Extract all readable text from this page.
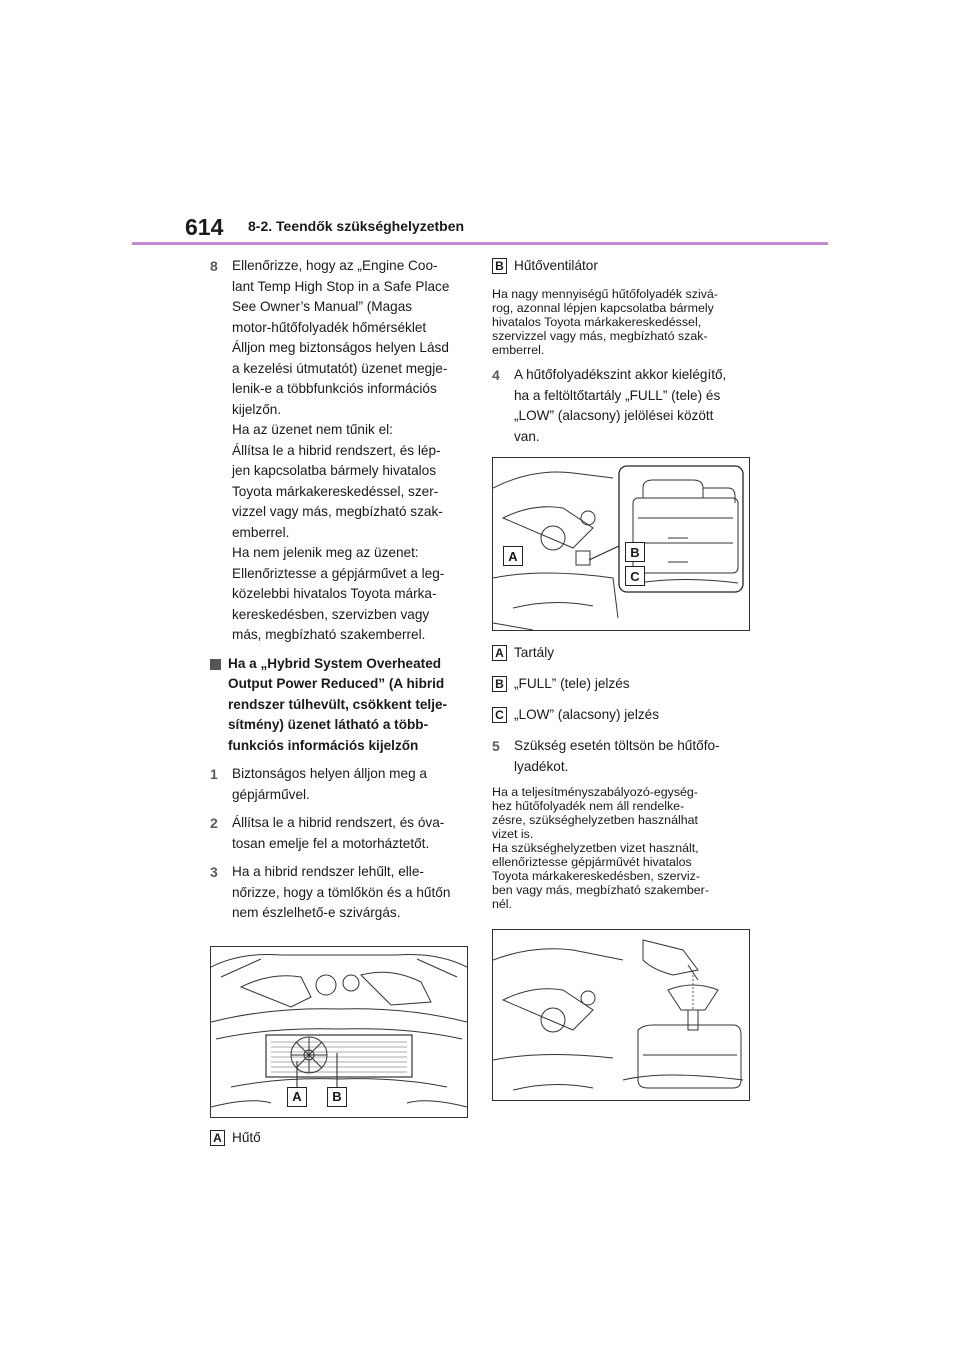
614 8-2. Teendők szükséghelyzetben
8 Ellenőrizze, hogy az „Engine Coo-
lant Temp High Stop in a Safe Place
See Owner’s Manual” (Magas
motor-hűtőfolyadék hőmérséklet
Álljon meg biztonságos helyen Lásd
a kezelési útmutatót) üzenet megje-
lenik-e a többfunkciós információs
kijelzőn.
Ha az üzenet nem tűnik el:
Állítsa le a hibrid rendszert, és lép-
jen kapcsolatba bármely hivatalos
Toyota márkakereskedéssel, szer-
vizzel vagy más, megbízható szak-
emberrel.
Ha nem jelenik meg az üzenet:
Ellenőriztesse a gépjárművet a leg-
közelebbi hivatalos Toyota márka-
kereskedésben, szervizben vagy
más, megbízható szakemberrel.

Ha a „Hybrid System Overheated
Output Power Reduced” (A hibrid
rendszer túlhevült, csökkent telje-
sítmény) üzenet látható a több-
funkciós információs kijelzőn
1 Biztonságos helyen álljon meg a
gépjárművel.

2 Állítsa le a hibrid rendszert, és óva-
tosan emelje fel a motorháztetőt.

3 Ha a hibrid rendszer lehűlt, elle-
nőrizze, hogy a tömlőkön és a hűtőn
nem észlelhető-e szivárgás.

A	B
A Hűtő
B Hűtőventilátor

Ha nagy mennyiségű hűtőfolyadék szivá-
rog, azonnal lépjen kapcsolatba bármely
hivatalos Toyota márkakereskedéssel,
szervizzel vagy más, megbízható szak-
emberrel.

4 A hűtőfolyadékszint akkor kielégítő,
ha a feltöltőtartály „FULL” (tele) és
„LOW” (alacsony) jelölései között
van.

A	B
C
A Tartály
B „FULL” (tele) jelzés
C „LOW” (alacsony) jelzés
5 Szükség esetén töltsön be hűtőfo-
lyadékot.

Ha a teljesítményszabályozó-egység-
hez hűtőfolyadék nem áll rendelke-
zésre, szükséghelyzetben használhat
vizet is.
Ha szükséghelyzetben vizet használt,
ellenőriztesse gépjárművét hivatalos
Toyota márkakereskedésben, szerviz-
ben vagy más, megbízható szakember-
nél.
